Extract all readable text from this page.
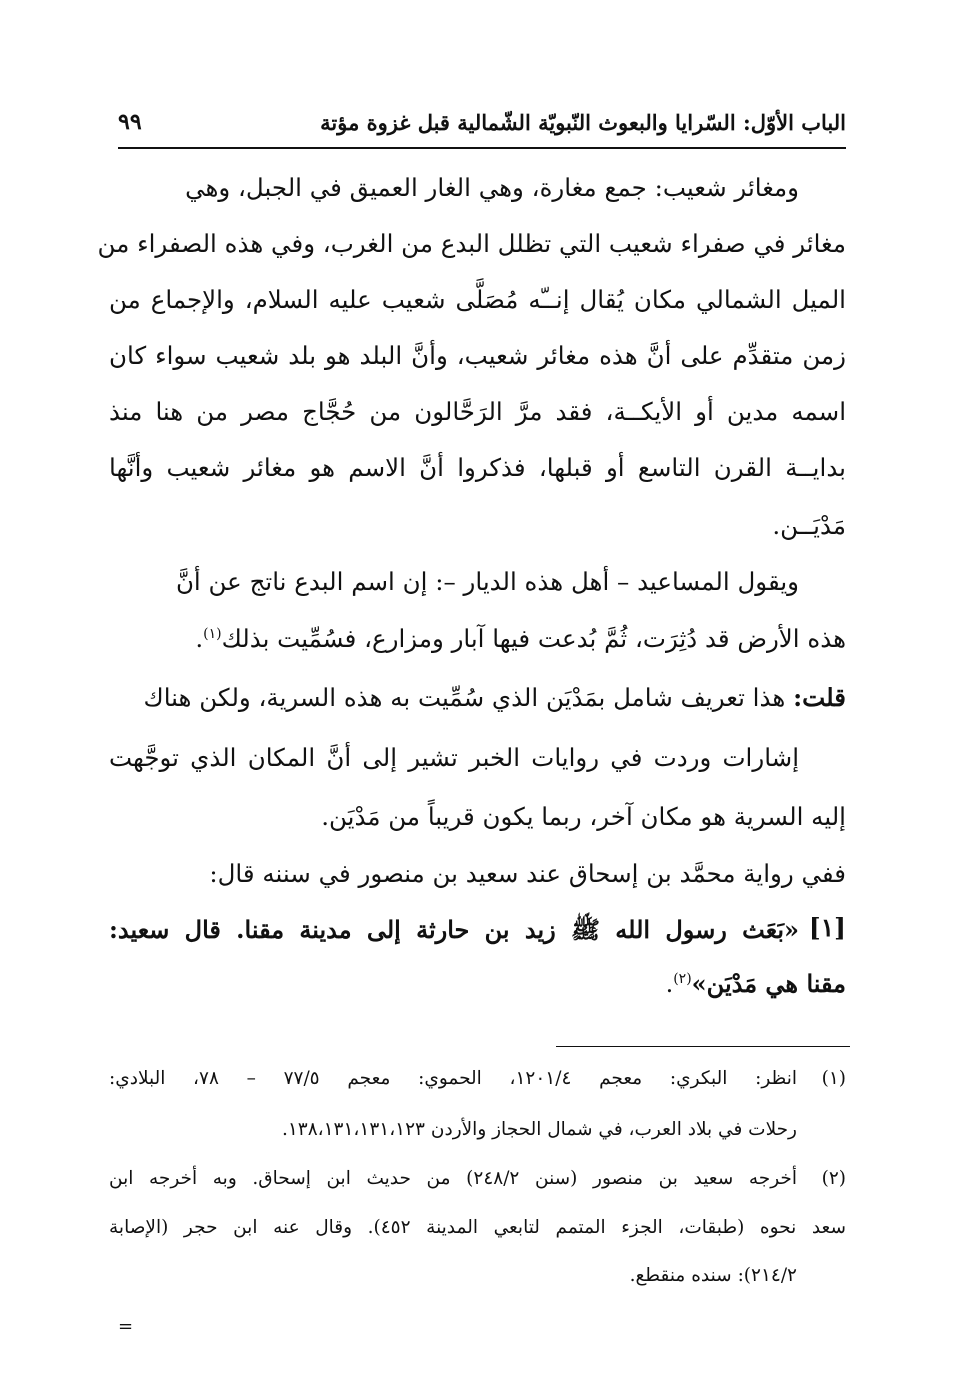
الباب الأوّل: السّرايا والبعوث النّبويّة الشّمالية قبل غزوة مؤتة
٩٩
ومغائر شعيب: جمع مغارة، وهي الغار العميق في الجبل، وهي
مغائر في صفراء شعيب التي تظلل البدع من الغرب، وفي هذه الصفراء من
الميل الشمالي مكان يُقال إنــّه مُصَلَّى شعيب عليه السلام، والإجماع من
زمن متقدِّم على أنَّ هذه مغائر شعيب، وأنَّ البلد هو بلد شعيب سواء كان
اسمه مدين أو الأيكــة، فقد مرَّ الرَحَّالون من حُجَّاج مصر من هنا منذ
بدايــة القرن التاسع أو قبلها، فذكروا أنَّ الاسم هو مغائر شعيب وأنَّها
مَدْيَــن.
ويقول المساعيد – أهل هذه الديار –: إن اسم البدع ناتج عن أنَّ
هذه الأرض قد دُثِرَت، ثُمَّ بُدعت فيها آبار ومزارع، فسُمِّيت بذلك$^{(١)}$.
قلت: هذا تعريف شامل بمَدْيَن الذي سُمِّيت به هذه السرية، ولكن هناك
إشارات وردت في روايات الخبر تشير إلى أنَّ المكان الذي توجَّهت
إليه السرية هو مكان آخر، ربما يكون قريباً من مَدْيَن.
ففي رواية محمَّد بن إسحاق عند سعيد بن منصور في سننه قال:
[١]
«بَعَث رسول الله ﷺ زيد بن حارثة إلى مدينة مقنا. قال سعيد:
مقنا هي مَدْيَن»$^{(٢)}$.
(١)
انظر: البكري: معجم ١٢٠١/٤، الحموي: معجم ٧٧/٥ – ٧٨، البلادي:
رحلات في بلاد العرب، في شمال الحجاز والأردن ١٣٨،١٣١،١٣١،١٢٣.
(٢)
أخرجه سعيد بن منصور (سنن ٢٤٨/٢) من حديث ابن إسحاق. وبه أخرجه ابن
سعد نحوه (طبقات، الجزء المتمم لتابعي المدينة ٤٥٢). وقال عنه ابن حجر (الإصابة
٢١٤/٢): سنده منقطع.
=
